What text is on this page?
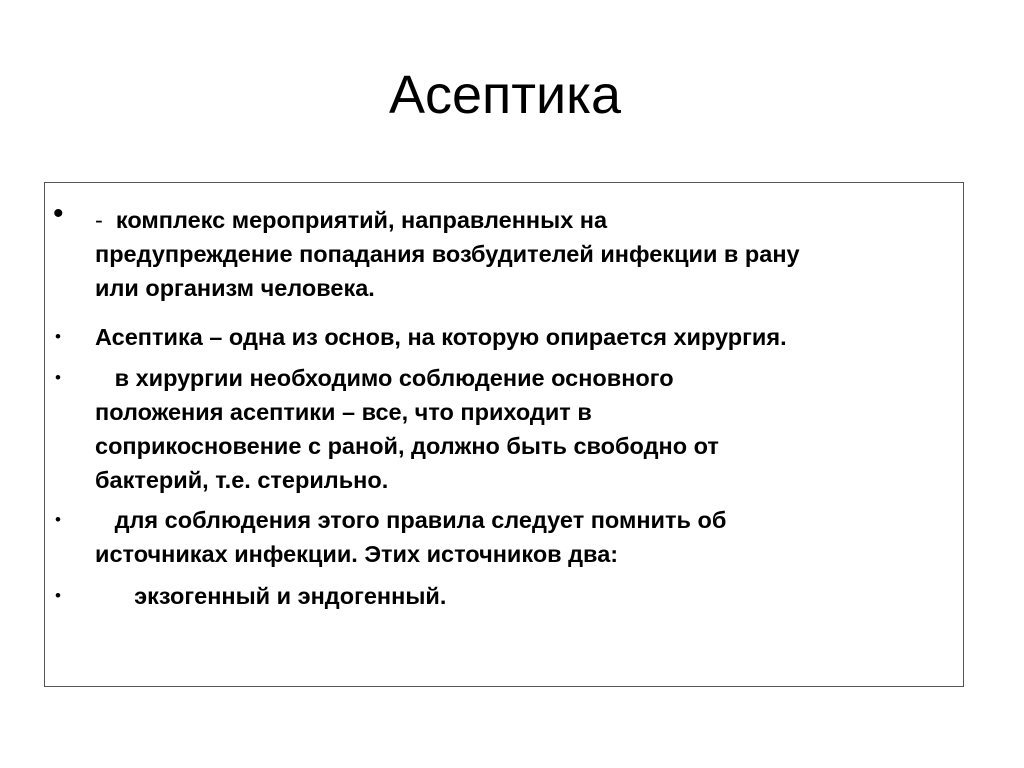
Асептика
• -  комплекс мероприятий, направленных на
предупреждение попадания возбудителей инфекции в рану
или организм человека.
• Асептика – одна из основ, на которую опирается хирургия.
• в хирургии необходимо соблюдение основного
положения асептики – все, что приходит в
соприкосновение с раной, должно быть свободно от
бактерий, т.е. стерильно.
• для соблюдения этого правила следует помнить об
источниках инфекции. Этих источников два:
• экзогенный и эндогенный.
